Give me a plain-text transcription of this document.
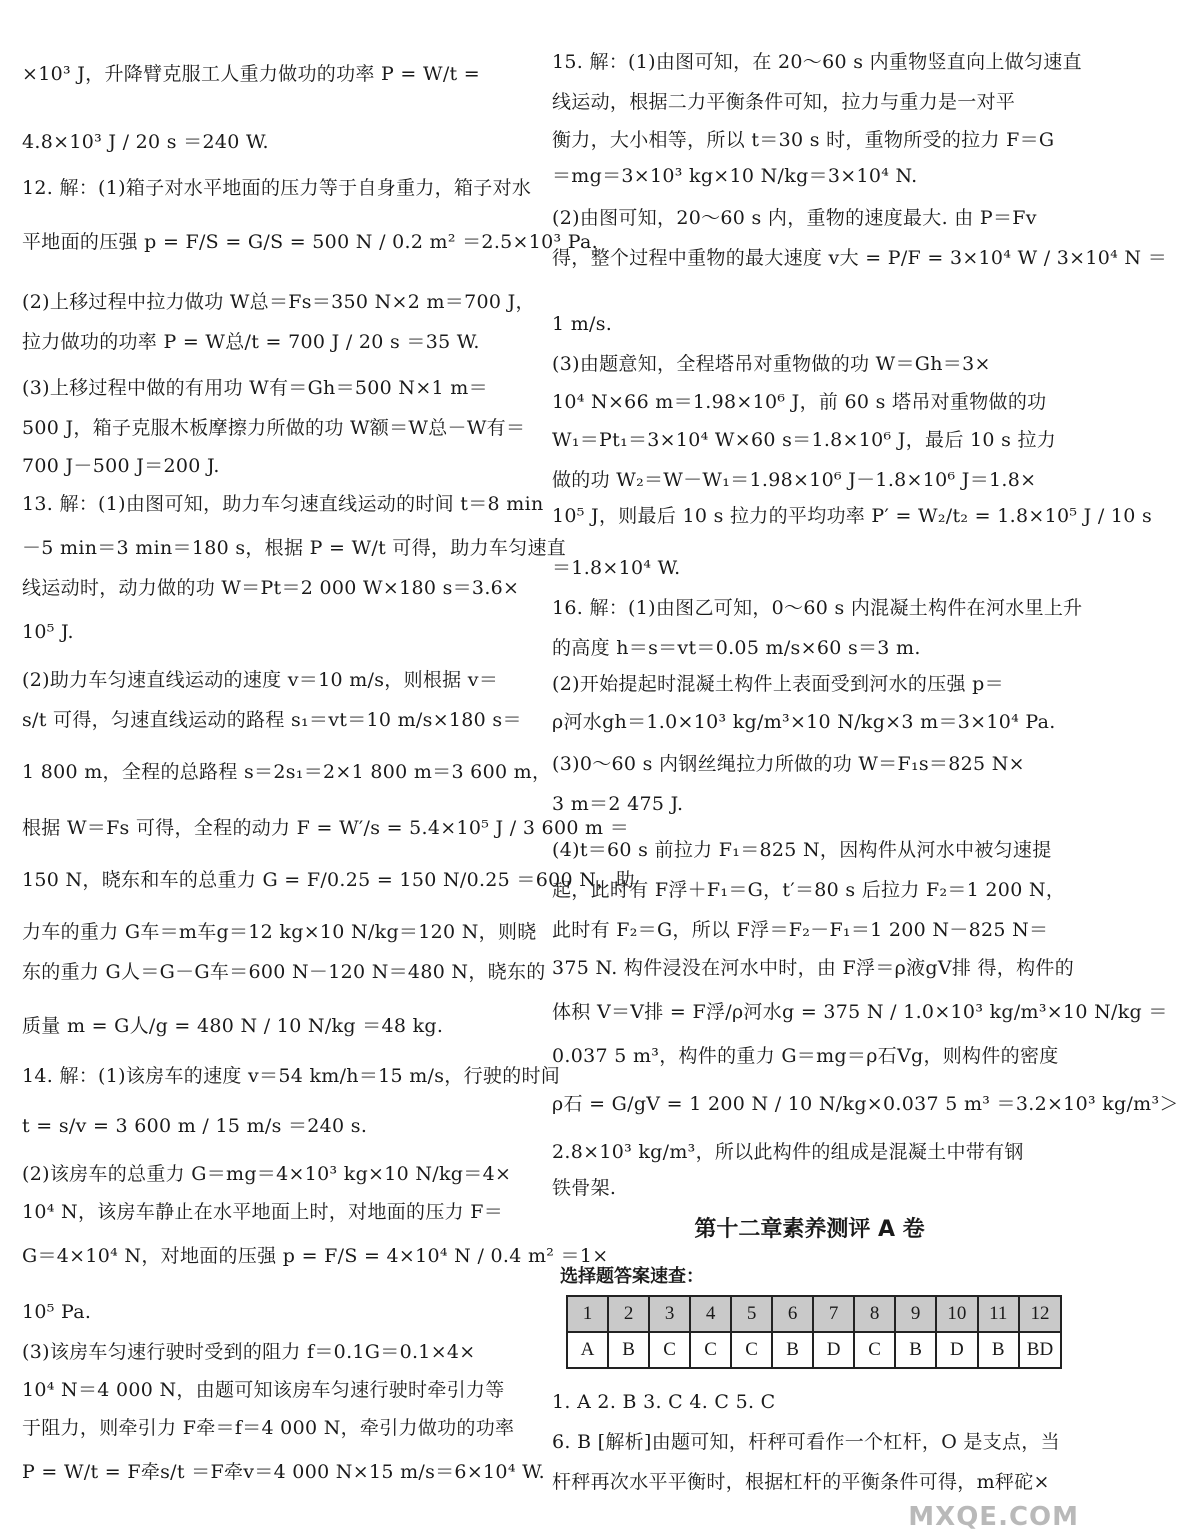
×10³ J，升降臂克服工人重力做功的功率 P = W/t =
4.8×10³ J / 20 s ＝240 W.
12. 解：(1)箱子对水平地面的压力等于自身重力，箱子对水
平地面的压强 p = F/S = G/S = 500 N / 0.2 m² ＝2.5×10³ Pa.
(2)上移过程中拉力做功 W总＝Fs＝350 N×2 m＝700 J，
拉力做功的功率 P = W总/t = 700 J / 20 s ＝35 W.
(3)上移过程中做的有用功 W有＝Gh＝500 N×1 m＝
500 J，箱子克服木板摩擦力所做的功 W额＝W总－W有＝
700 J－500 J＝200 J.
13. 解：(1)由图可知，助力车匀速直线运动的时间 t＝8 min
－5 min＝3 min＝180 s，根据 P = W/t 可得，助力车匀速直
线运动时，动力做的功 W＝Pt＝2 000 W×180 s＝3.6×
10⁵ J.
(2)助力车匀速直线运动的速度 v＝10 m/s，则根据 v＝
s/t 可得，匀速直线运动的路程 s₁＝vt＝10 m/s×180 s＝
1 800 m，全程的总路程 s＝2s₁＝2×1 800 m＝3 600 m，
根据 W＝Fs 可得，全程的动力 F = W′/s = 5.4×10⁵ J / 3 600 m ＝
150 N，晓东和车的总重力 G = F/0.25 = 150 N/0.25 ＝600 N，助
力车的重力 G车＝m车g＝12 kg×10 N/kg＝120 N，则晓
东的重力 G人＝G－G车＝600 N－120 N＝480 N，晓东的
质量 m = G人/g = 480 N / 10 N/kg ＝48 kg.
14. 解：(1)该房车的速度 v＝54 km/h＝15 m/s，行驶的时间
t = s/v = 3 600 m / 15 m/s ＝240 s.
(2)该房车的总重力 G＝mg＝4×10³ kg×10 N/kg＝4×
10⁴ N，该房车静止在水平地面上时，对地面的压力 F＝
G＝4×10⁴ N，对地面的压强 p = F/S = 4×10⁴ N / 0.4 m² ＝1×
10⁵ Pa.
(3)该房车匀速行驶时受到的阻力 f＝0.1G＝0.1×4×
10⁴ N＝4 000 N，由题可知该房车匀速行驶时牵引力等
于阻力，则牵引力 F牵＝f＝4 000 N，牵引力做功的功率
P = W/t = F牵s/t ＝F牵v＝4 000 N×15 m/s＝6×10⁴ W.
第十二章素养测评 A 卷
选择题答案速查：
1	2	3	4	5	6	7	8	9	10	11	12
A	B	C	C	C	B	D	C	B	D	B	BD
15. 解：(1)由图可知，在 20～60 s 内重物竖直向上做匀速直
线运动，根据二力平衡条件可知，拉力与重力是一对平
衡力，大小相等，所以 t＝30 s 时，重物所受的拉力 F＝G
＝mg＝3×10³ kg×10 N/kg＝3×10⁴ N.
(2)由图可知，20～60 s 内，重物的速度最大. 由 P＝Fv
得，整个过程中重物的最大速度 v大 = P/F = 3×10⁴ W / 3×10⁴ N ＝
1 m/s.
(3)由题意知，全程塔吊对重物做的功 W＝Gh＝3×
10⁴ N×66 m＝1.98×10⁶ J，前 60 s 塔吊对重物做的功
W₁＝Pt₁＝3×10⁴ W×60 s＝1.8×10⁶ J，最后 10 s 拉力
做的功 W₂＝W－W₁＝1.98×10⁶ J－1.8×10⁶ J＝1.8×
10⁵ J，则最后 10 s 拉力的平均功率 P′ = W₂/t₂ = 1.8×10⁵ J / 10 s
＝1.8×10⁴ W.
16. 解：(1)由图乙可知，0～60 s 内混凝土构件在河水里上升
的高度 h＝s＝vt＝0.05 m/s×60 s＝3 m.
(2)开始提起时混凝土构件上表面受到河水的压强 p＝
ρ河水gh＝1.0×10³ kg/m³×10 N/kg×3 m＝3×10⁴ Pa.
(3)0～60 s 内钢丝绳拉力所做的功 W＝F₁s＝825 N×
3 m＝2 475 J.
(4)t＝60 s 前拉力 F₁＝825 N，因构件从河水中被匀速提
起，此时有 F浮＋F₁＝G，t′＝80 s 后拉力 F₂＝1 200 N，
此时有 F₂＝G，所以 F浮＝F₂－F₁＝1 200 N－825 N＝
375 N. 构件浸没在河水中时，由 F浮＝ρ液gV排 得，构件的
体积 V＝V排 = F浮/ρ河水g = 375 N / 1.0×10³ kg/m³×10 N/kg ＝
0.037 5 m³，构件的重力 G＝mg＝ρ石Vg，则构件的密度
ρ石 = G/gV = 1 200 N / 10 N/kg×0.037 5 m³ ＝3.2×10³ kg/m³＞
2.8×10³ kg/m³，所以此构件的组成是混凝土中带有钢
铁骨架.
1. A 2. B 3. C 4. C 5. C
6. B [解析]由题可知，杆秤可看作一个杠杆，O 是支点，当
杆秤再次水平平衡时，根据杠杆的平衡条件可得，m秤砣×
MXQE.COM
